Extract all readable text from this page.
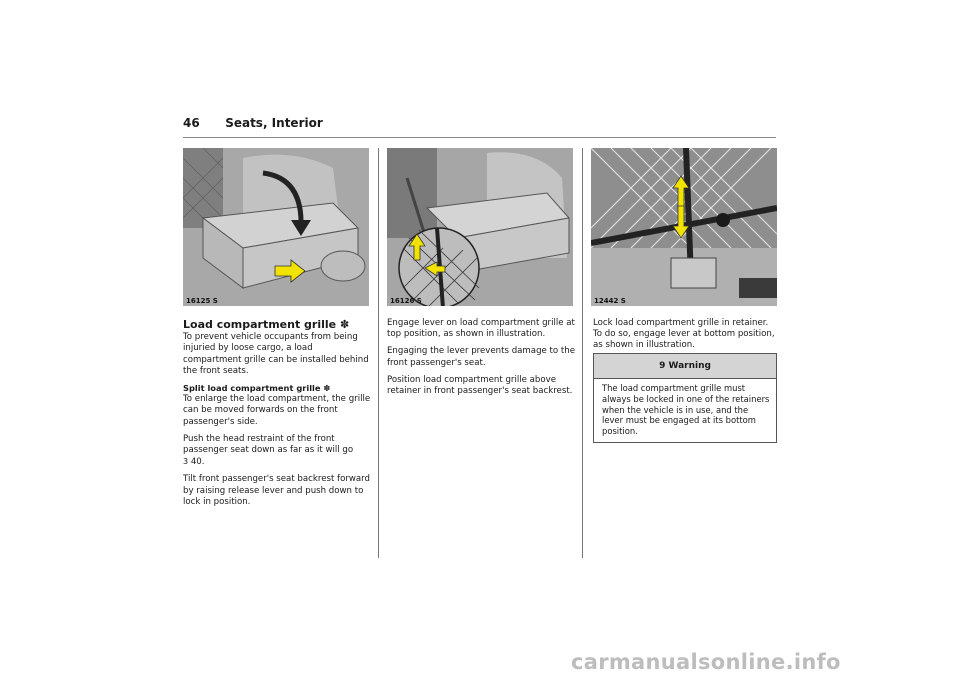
46 Seats, Interior
16125 S	16126 S	12442 S
Load compartment grille ✽

To prevent vehicle occupants from being injuried by loose cargo, a load compartment grille can be installed behind the front seats.

Split load compartment grille ✽

To enlarge the load compartment, the grille can be moved forwards on the front passenger's side.

Push the head restraint of the front passenger seat down as far as it will go
3 40.

Tilt front passenger's seat backrest forward by raising release lever and push down to lock in position.

Engage lever on load compartment grille at top position, as shown in illustration.

Engaging the lever prevents damage to the front passenger's seat.

Position load compartment grille above retainer in front passenger's seat backrest.

Lock load compartment grille in retainer. To do so, engage lever at bottom position, as shown in illustration.

9 Warning
The load compartment grille must always be locked in one of the retainers when the vehicle is in use, and the lever must be engaged at its bottom position.
carmanualsonline.info
